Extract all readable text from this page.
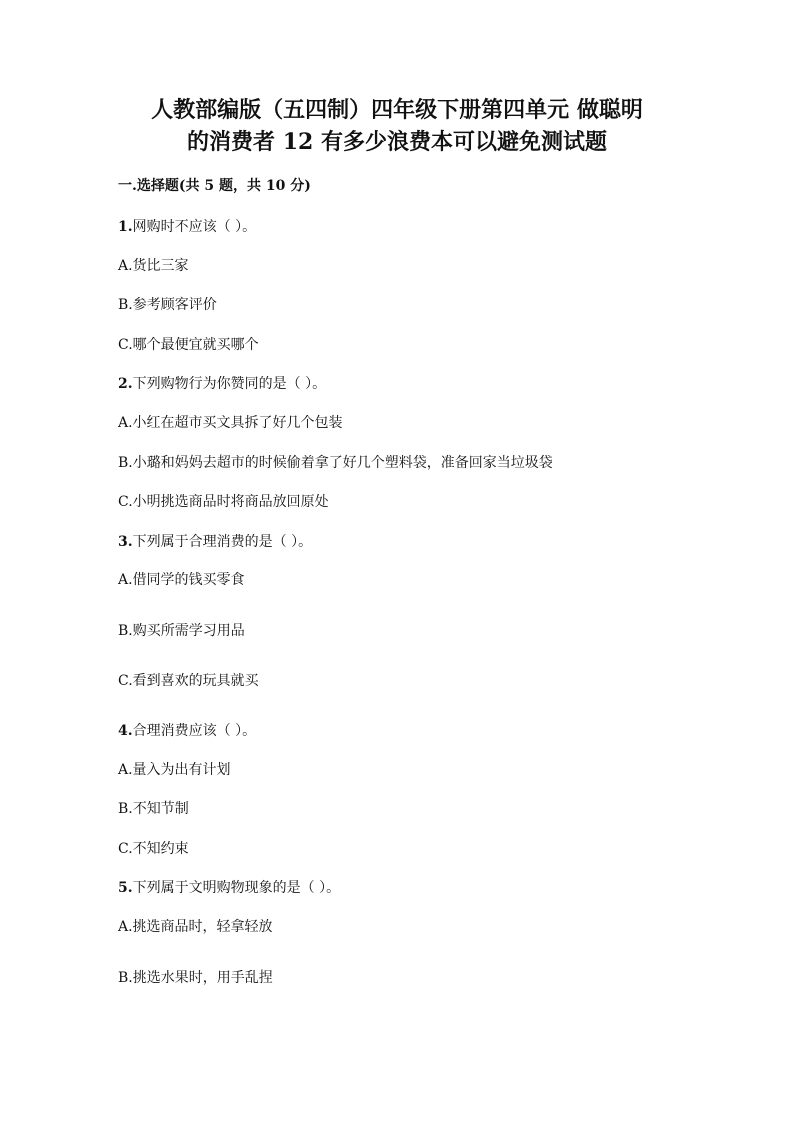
人教部编版（五四制）四年级下册第四单元 做聪明
的消费者 12 有多少浪费本可以避免测试题
一.选择题(共 5 题，共 10 分)
1.网购时不应该（ ）。
A.货比三家
B.参考顾客评价
C.哪个最便宜就买哪个
2.下列购物行为你赞同的是（ ）。
A.小红在超市买文具拆了好几个包装
B.小璐和妈妈去超市的时候偷着拿了好几个塑料袋，准备回家当垃圾袋
C.小明挑选商品时将商品放回原处
3.下列属于合理消费的是（ ）。
A.借同学的钱买零食
B.购买所需学习用品
C.看到喜欢的玩具就买
4.合理消费应该（ ）。
A.量入为出有计划
B.不知节制
C.不知约束
5.下列属于文明购物现象的是（ ）。
A.挑选商品时，轻拿轻放
B.挑选水果时，用手乱捏
